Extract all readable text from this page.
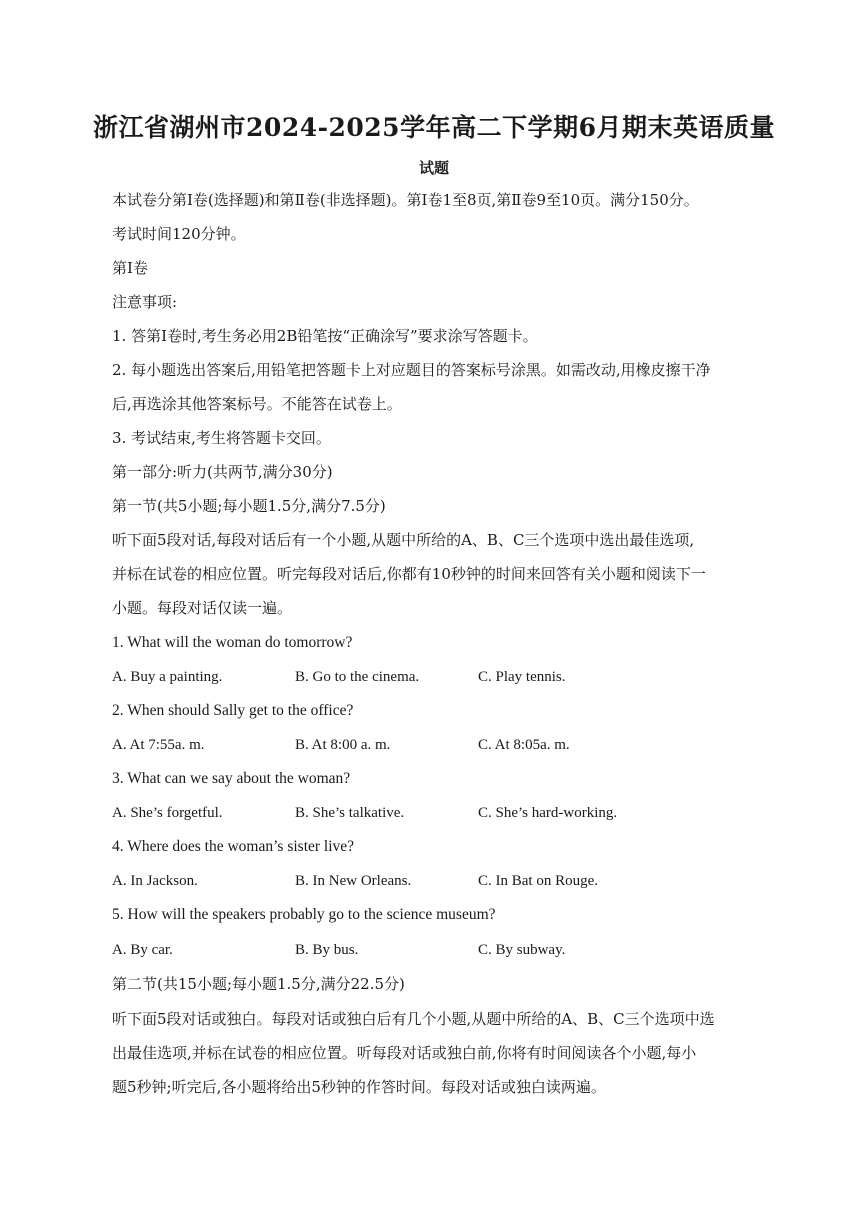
浙江省湖州市2024-2025学年高二下学期6月期末英语质量
试题
本试卷分第Ⅰ卷(选择题)和第Ⅱ卷(非选择题)。第Ⅰ卷1至8页,第Ⅱ卷9至10页。满分150分。
考试时间120分钟。
第Ⅰ卷
注意事项:
1. 答第Ⅰ卷时,考生务必用2B铅笔按“正确涂写”要求涂写答题卡。
2. 每小题选出答案后,用铅笔把答题卡上对应题目的答案标号涂黑。如需改动,用橡皮擦干净
后,再选涂其他答案标号。不能答在试卷上。
3. 考试结束,考生将答题卡交回。
第一部分:听力(共两节,满分30分)
第一节(共5小题;每小题1.5分,满分7.5分)
听下面5段对话,每段对话后有一个小题,从题中所给的A、B、C三个选项中选出最佳选项,
并标在试卷的相应位置。听完每段对话后,你都有10秒钟的时间来回答有关小题和阅读下一
小题。每段对话仅读一遍。
1. What will the woman do tomorrow?
A. Buy a painting.	B. Go to the cinema.	C. Play tennis.
2. When should Sally get to the office?
A. At 7:55a. m.	B. At 8:00 a. m.	C. At 8:05a. m.
3. What can we say about the woman?
A. She’s forgetful.	B. She’s talkative.	C. She’s hard-working.
4. Where does the woman’s sister live?
A. In Jackson.	B. In New Orleans.	C. In Bat on Rouge.
5. How will the speakers probably go to the science museum?
A. By car.	B. By bus.	C. By subway.
第二节(共15小题;每小题1.5分,满分22.5分)
听下面5段对话或独白。每段对话或独白后有几个小题,从题中所给的A、B、C三个选项中选
出最佳选项,并标在试卷的相应位置。听每段对话或独白前,你将有时间阅读各个小题,每小
题5秒钟;听完后,各小题将给出5秒钟的作答时间。每段对话或独白读两遍。
